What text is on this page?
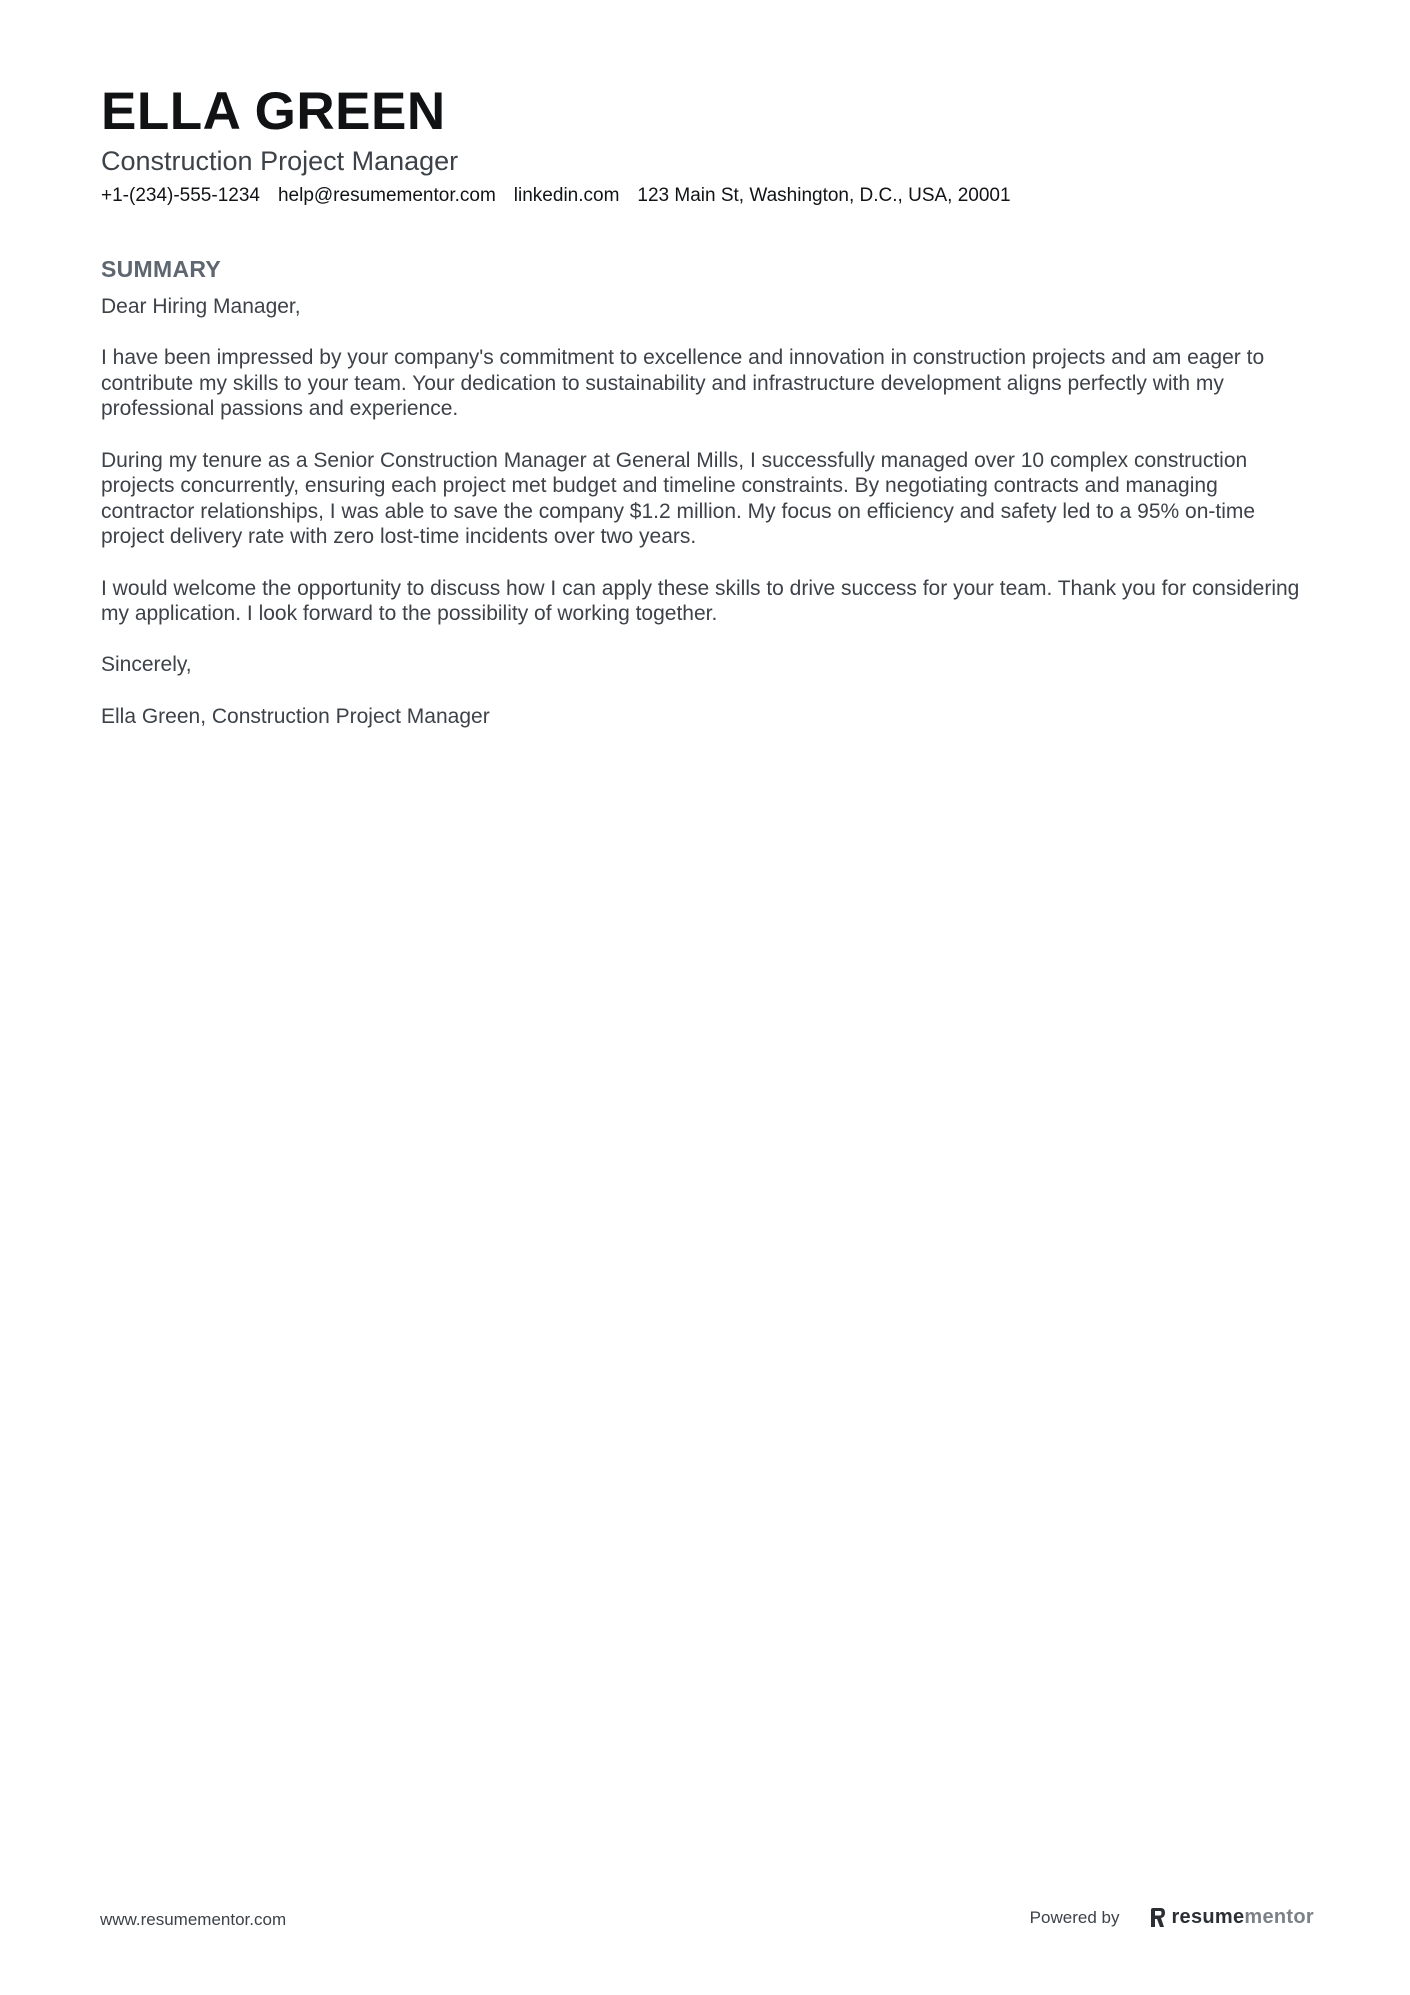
ELLA GREEN
Construction Project Manager
+1-(234)-555-1234 help@resumementor.com linkedin.com 123 Main St, Washington, D.C., USA, 20001
SUMMARY

Dear Hiring Manager,

I have been impressed by your company's commitment to excellence and innovation in construction projects and am eager to contribute my skills to your team. Your dedication to sustainability and infrastructure development aligns perfectly with my professional passions and experience.

During my tenure as a Senior Construction Manager at General Mills, I successfully managed over 10 complex construction projects concurrently, ensuring each project met budget and timeline constraints. By negotiating contracts and managing contractor relationships, I was able to save the company $1.2 million. My focus on efficiency and safety led to a 95% on-time project delivery rate with zero lost-time incidents over two years.

I would welcome the opportunity to discuss how I can apply these skills to drive success for your team. Thank you for considering my application. I look forward to the possibility of working together.

Sincerely,

Ella Green, Construction Project Manager

www.resumementor.com	Powered by	resumementor
